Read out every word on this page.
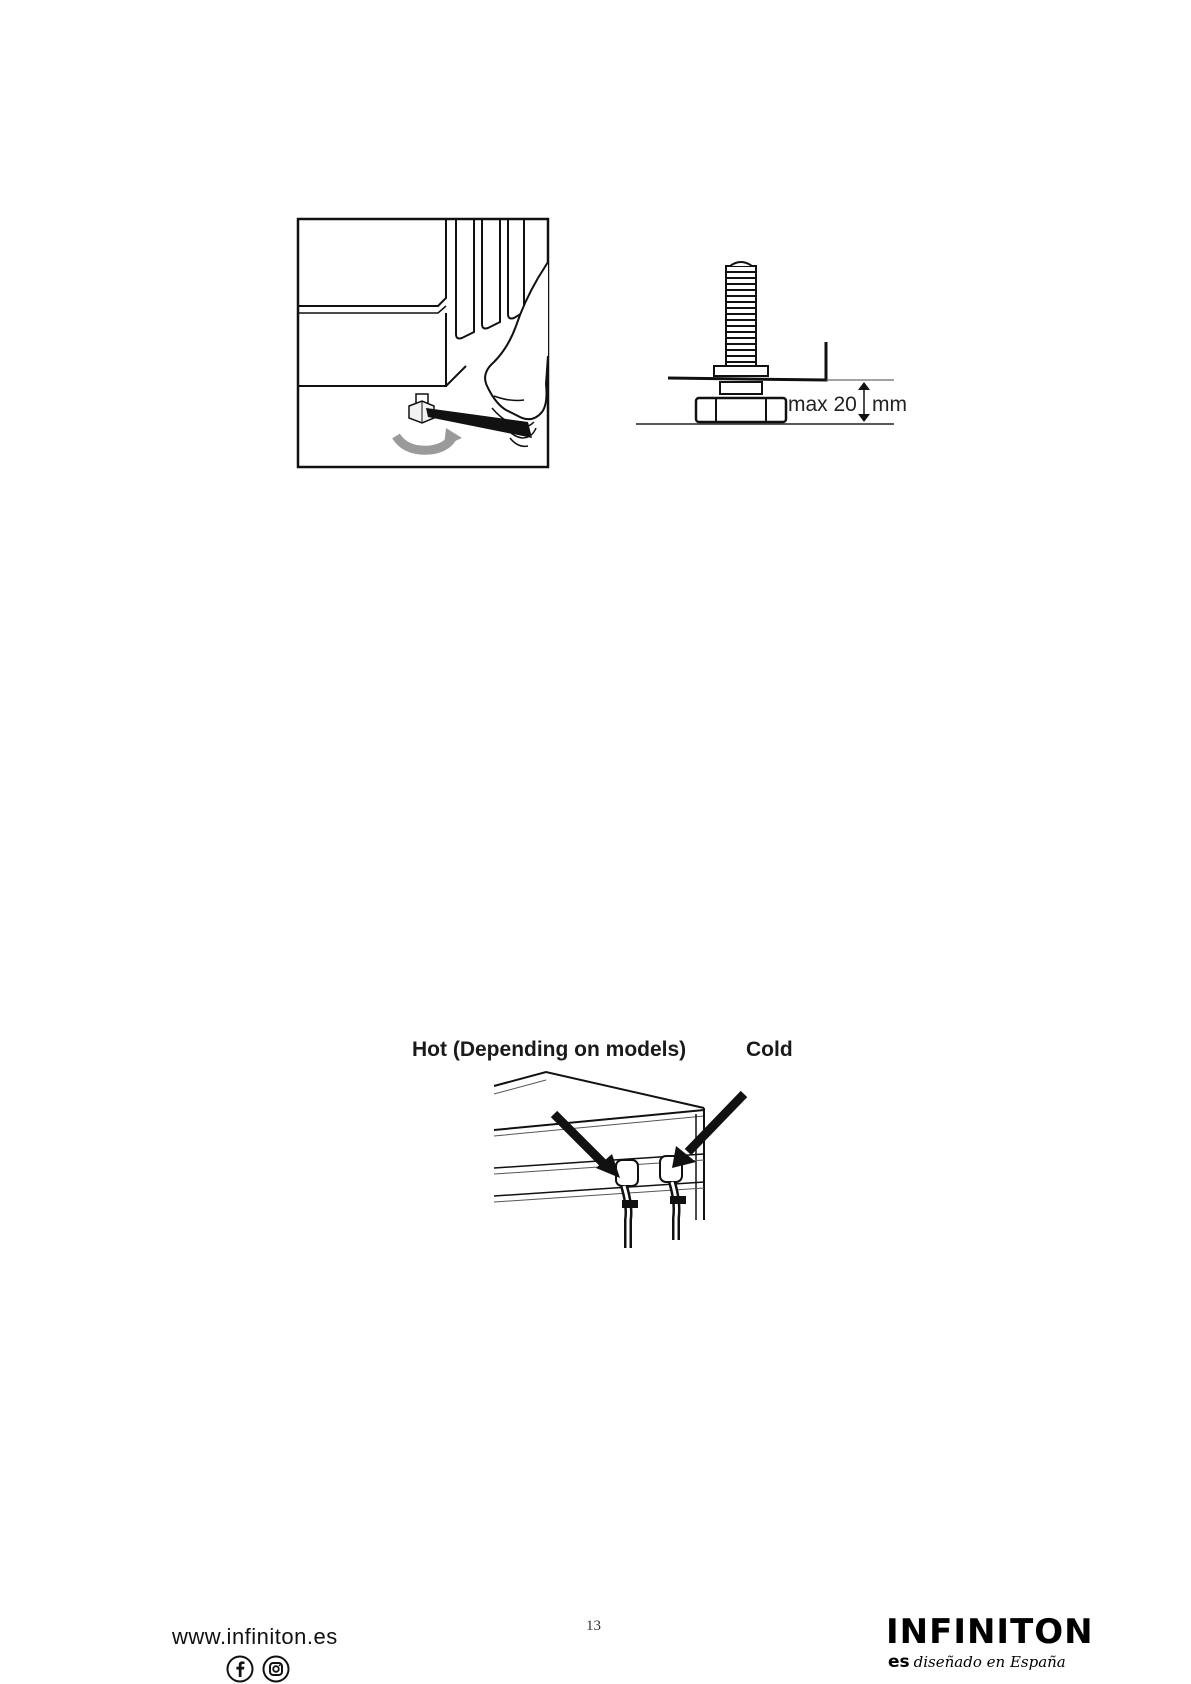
max 20 mm
Hot (Depending on models)	Cold
13
www.infiniton.es	INFINITON
es diseñado en España
